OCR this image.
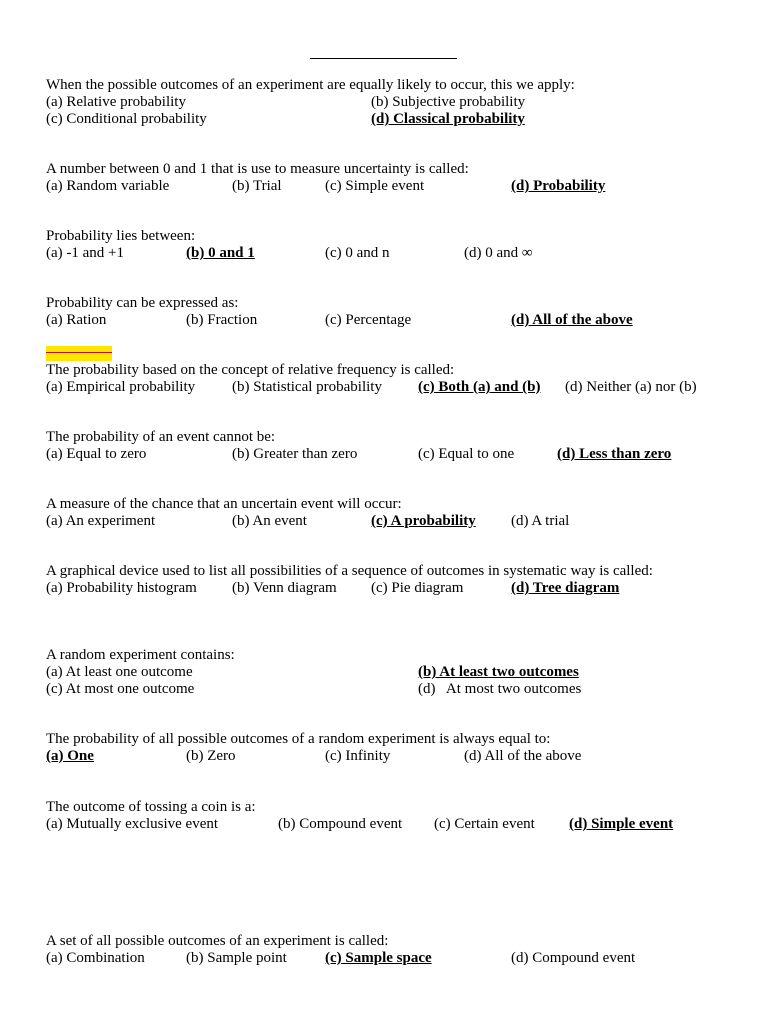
When the possible outcomes of an experiment are equally likely to occur, this we apply:
(a) Relative probability	(b) Subjective probability
(c) Conditional probability	(d) Classical probability
A number between 0 and 1 that is use to measure uncertainty is called:
(a) Random variable	(b) Trial	(c) Simple event	(d) Probability
Probability lies between:
(a) -1 and +1	(b) 0 and 1	(c) 0 and n	(d) 0 and ∞
Probability can be expressed as:
(a) Ration	(b) Fraction	(c) Percentage	(d) All of the above
The probability based on the concept of relative frequency is called:
(a) Empirical probability (b) Statistical probability (c) Both (a) and (b) (d) Neither (a) nor (b)
The probability of an event cannot be:
(a) Equal to zero	(b) Greater than zero	(c) Equal to one	(d) Less than zero
A measure of the chance that an uncertain event will occur:
(a) An experiment	(b) An event	(c) A probability (d) A trial
A graphical device used to list all possibilities of a sequence of outcomes in systematic way is called:
(a) Probability histogram (b) Venn diagram (c) Pie diagram	(d) Tree diagram
A random experiment contains:
(a) At least one outcome	(b) At least two outcomes
(c) At most one outcome	(d)   At most two outcomes
The probability of all possible outcomes of a random experiment is always equal to:
(a) One	(b) Zero	(c) Infinity	(d) All of the above
The outcome of tossing a coin is a:
(a) Mutually exclusive event	(b) Compound event (c) Certain event (d) Simple event
A set of all possible outcomes of an experiment is called:
(a) Combination	(b) Sample point	(c) Sample space	(d) Compound event
